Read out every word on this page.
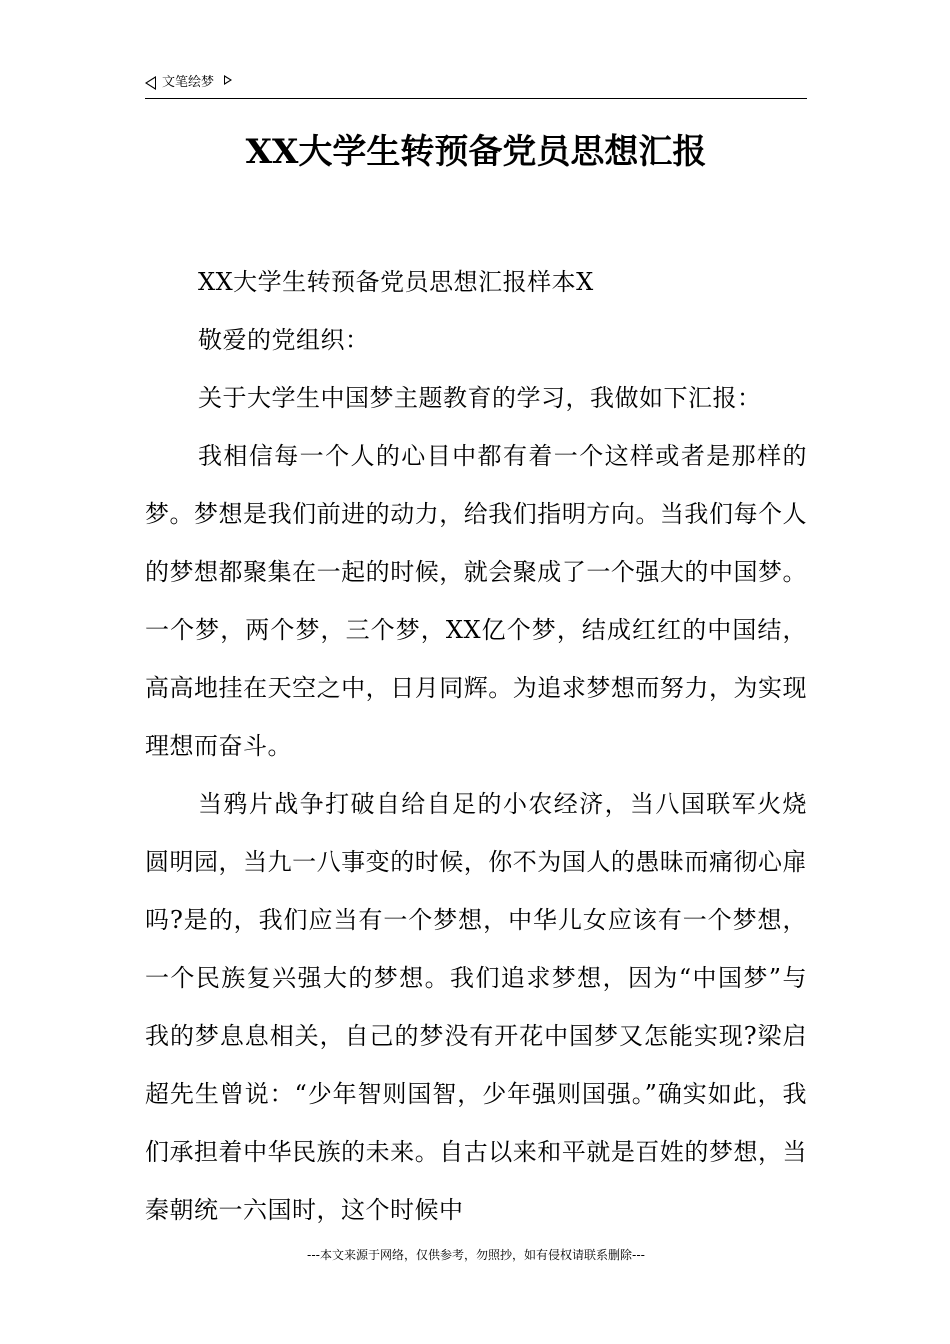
文笔绘梦
XX大学生转预备党员思想汇报

XX大学生转预备党员思想汇报样本X

敬爱的党组织：

关于大学生中国梦主题教育的学习，我做如下汇报：

我相信每一个人的心目中都有着一个这样或者是那样的梦。梦想是我们前进的动力，给我们指明方向。当我们每个人的梦想都聚集在一起的时候，就会聚成了一个强大的中国梦。一个梦，两个梦，三个梦，XX亿个梦，结成红红的中国结，高高地挂在天空之中，日月同辉。为追求梦想而努力，为实现理想而奋斗。

当鸦片战争打破自给自足的小农经济，当八国联军火烧圆明园，当九一八事变的时候，你不为国人的愚昧而痛彻心扉吗?是的，我们应当有一个梦想，中华儿女应该有一个梦想，一个民族复兴强大的梦想。我们追求梦想，因为“中国梦”与我的梦息息相关，自己的梦没有开花中国梦又怎能实现?梁启超先生曾说：“少年智则国智，少年强则国强。”确实如此，我们承担着中华民族的未来。自古以来和平就是百姓的梦想，当秦朝统一六国时，这个时候中

---本文来源于网络，仅供参考，勿照抄，如有侵权请联系删除---
